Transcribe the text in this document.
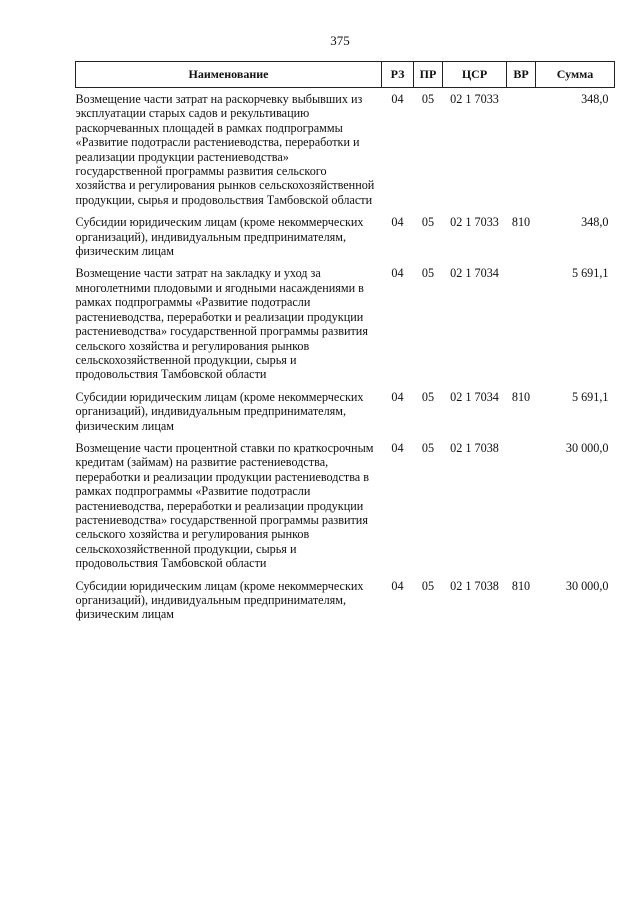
375
Наименование	РЗ	ПР	ЦСР	ВР	Сумма
Возмещение части затрат на раскорчевку выбывших из эксплуатации старых садов и рекультивацию раскорчеванных площадей в рамках подпрограммы «Развитие подотрасли растениеводства, переработки и реализации продукции растениеводства» государственной программы развития сельского хозяйства и регулирования рынков сельскохозяйственной продукции, сырья и продовольствия Тамбовской области	04	05	02 1 7033		348,0
Субсидии юридическим лицам (кроме некоммерческих организаций), индивидуальным предпринимателям, физическим лицам	04	05	02 1 7033	810	348,0
Возмещение части затрат на закладку и уход за многолетними плодовыми и ягодными насаждениями в рамках подпрограммы «Развитие подотрасли растениеводства, переработки и реализации продукции растениеводства» государственной программы развития сельского хозяйства и регулирования рынков сельскохозяйственной продукции, сырья и продовольствия Тамбовской области	04	05	02 1 7034		5 691,1
Субсидии юридическим лицам (кроме некоммерческих организаций), индивидуальным предпринимателям, физическим лицам	04	05	02 1 7034	810	5 691,1
Возмещение части процентной ставки по краткосрочным кредитам (займам) на развитие растениеводства, переработки и реализации продукции растениеводства в рамках подпрограммы «Развитие подотрасли растениеводства, переработки и реализации продукции растениеводства» государственной программы развития сельского хозяйства и регулирования рынков сельскохозяйственной продукции, сырья и продовольствия Тамбовской области	04	05	02 1 7038		30 000,0
Субсидии юридическим лицам (кроме некоммерческих организаций), индивидуальным предпринимателям, физическим лицам	04	05	02 1 7038	810	30 000,0
